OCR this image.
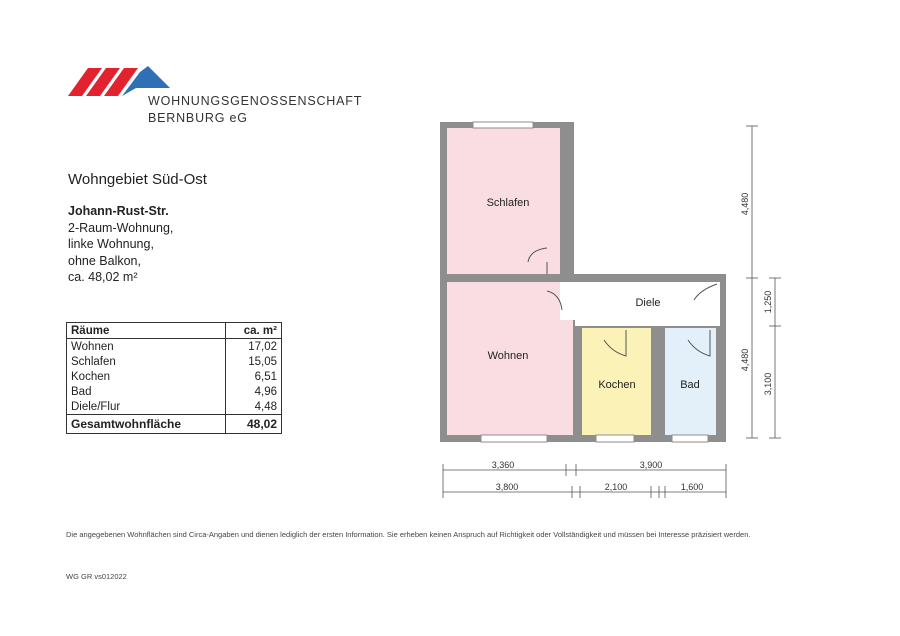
WOHNUNGSGENOSSENSCHAFT
BERNBURG eG
Wohngebiet Süd-Ost
Johann-Rust-Str.
2-Raum-Wohnung,
linke Wohnung,
ohne Balkon,
ca. 48,02 m²
Räume	ca. m²
Wohnen	17,02
Schlafen	15,05
Kochen	6,51
Bad	4,96
Diele/Flur	4,48
Gesamtwohnfläche	48,02
Schlafen
Wohnen
Diele
Kochen	Bad
3,360	3,900
3,800	2,100	1,600
4,480
4,480
1,250
3,100
Die angegebenen Wohnflächen sind Circa-Angaben und dienen lediglich der ersten Information. Sie erheben keinen Anspruch auf Richtigkeit oder Vollständigkeit und müssen bei Interesse präzisiert werden.
WG GR vs012022
